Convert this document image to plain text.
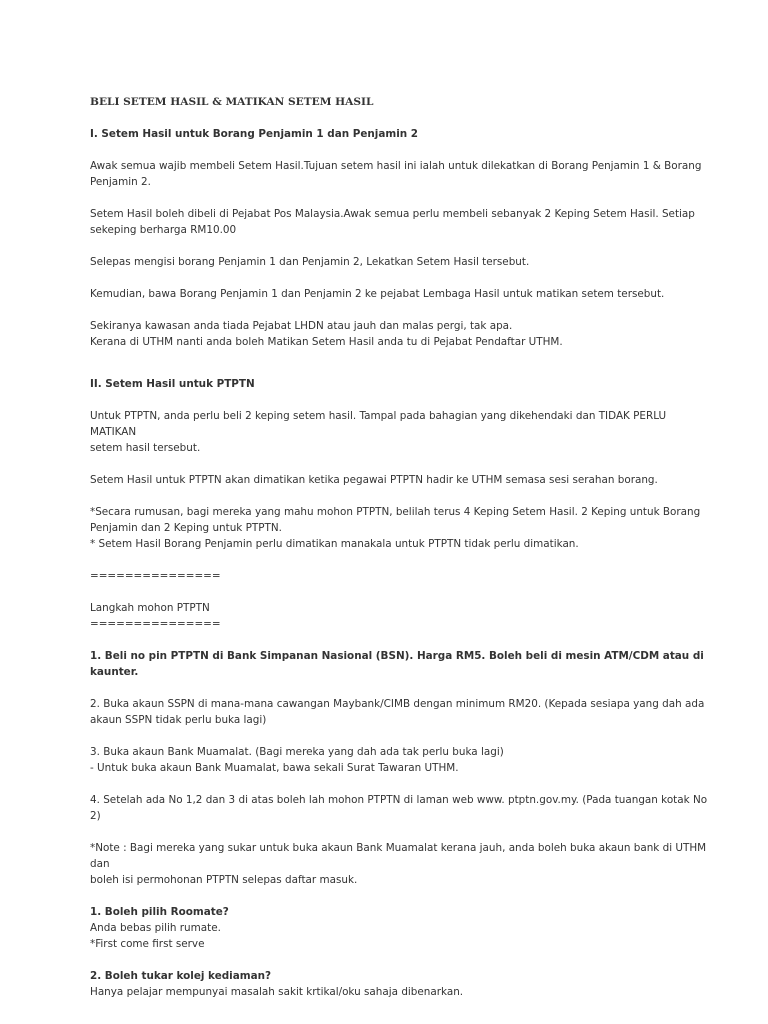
BELI SETEM HASIL & MATIKAN SETEM HASIL

I. Setem Hasil untuk Borang Penjamin 1 dan Penjamin 2

Awak semua wajib membeli Setem Hasil.Tujuan setem hasil ini ialah untuk dilekatkan di Borang Penjamin 1 & Borang

Penjamin 2.

Setem Hasil boleh dibeli di Pejabat Pos Malaysia.Awak semua perlu membeli sebanyak 2 Keping Setem Hasil. Setiap

sekeping berharga RM10.00

Selepas mengisi borang Penjamin 1 dan Penjamin 2, Lekatkan Setem Hasil tersebut.

Kemudian, bawa Borang Penjamin 1 dan Penjamin 2 ke pejabat Lembaga Hasil untuk matikan setem tersebut.

Sekiranya kawasan anda tiada Pejabat LHDN atau jauh dan malas pergi, tak apa.

Kerana di UTHM nanti anda boleh Matikan Setem Hasil anda tu di Pejabat Pendaftar UTHM.

II. Setem Hasil untuk PTPTN

Untuk PTPTN, anda perlu beli 2 keping setem hasil. Tampal pada bahagian yang dikehendaki dan TIDAK PERLU MATIKAN

setem hasil tersebut.

Setem Hasil untuk PTPTN akan dimatikan ketika pegawai PTPTN hadir ke UTHM semasa sesi serahan borang.

*Secara rumusan, bagi mereka yang mahu mohon PTPTN, belilah terus 4 Keping Setem Hasil. 2 Keping untuk Borang

Penjamin dan 2 Keping untuk PTPTN.

* Setem Hasil Borang Penjamin perlu dimatikan manakala untuk PTPTN tidak perlu dimatikan.

===============

Langkah mohon PTPTN

===============

1. Beli no pin PTPTN di Bank Simpanan Nasional (BSN). Harga RM5. Boleh beli di mesin ATM/CDM atau di

kaunter.

2. Buka akaun SSPN di mana-mana cawangan Maybank/CIMB dengan minimum RM20. (Kepada sesiapa yang dah ada

akaun SSPN tidak perlu buka lagi)

3. Buka akaun Bank Muamalat. (Bagi mereka yang dah ada tak perlu buka lagi)

- Untuk buka akaun Bank Muamalat, bawa sekali Surat Tawaran UTHM.

4. Setelah ada No 1,2 dan 3 di atas boleh lah mohon PTPTN di laman web www. ptptn.gov.my. (Pada tuangan kotak No 2)

*Note : Bagi mereka yang sukar untuk buka akaun Bank Muamalat kerana jauh, anda boleh buka akaun bank di UTHM dan

boleh isi permohonan PTPTN selepas daftar masuk.

1. Boleh pilih Roomate?

Anda bebas pilih rumate.

*First come first serve

2. Boleh tukar kolej kediaman?

Hanya pelajar mempunyai masalah sakit krtikal/oku sahaja dibenarkan.
